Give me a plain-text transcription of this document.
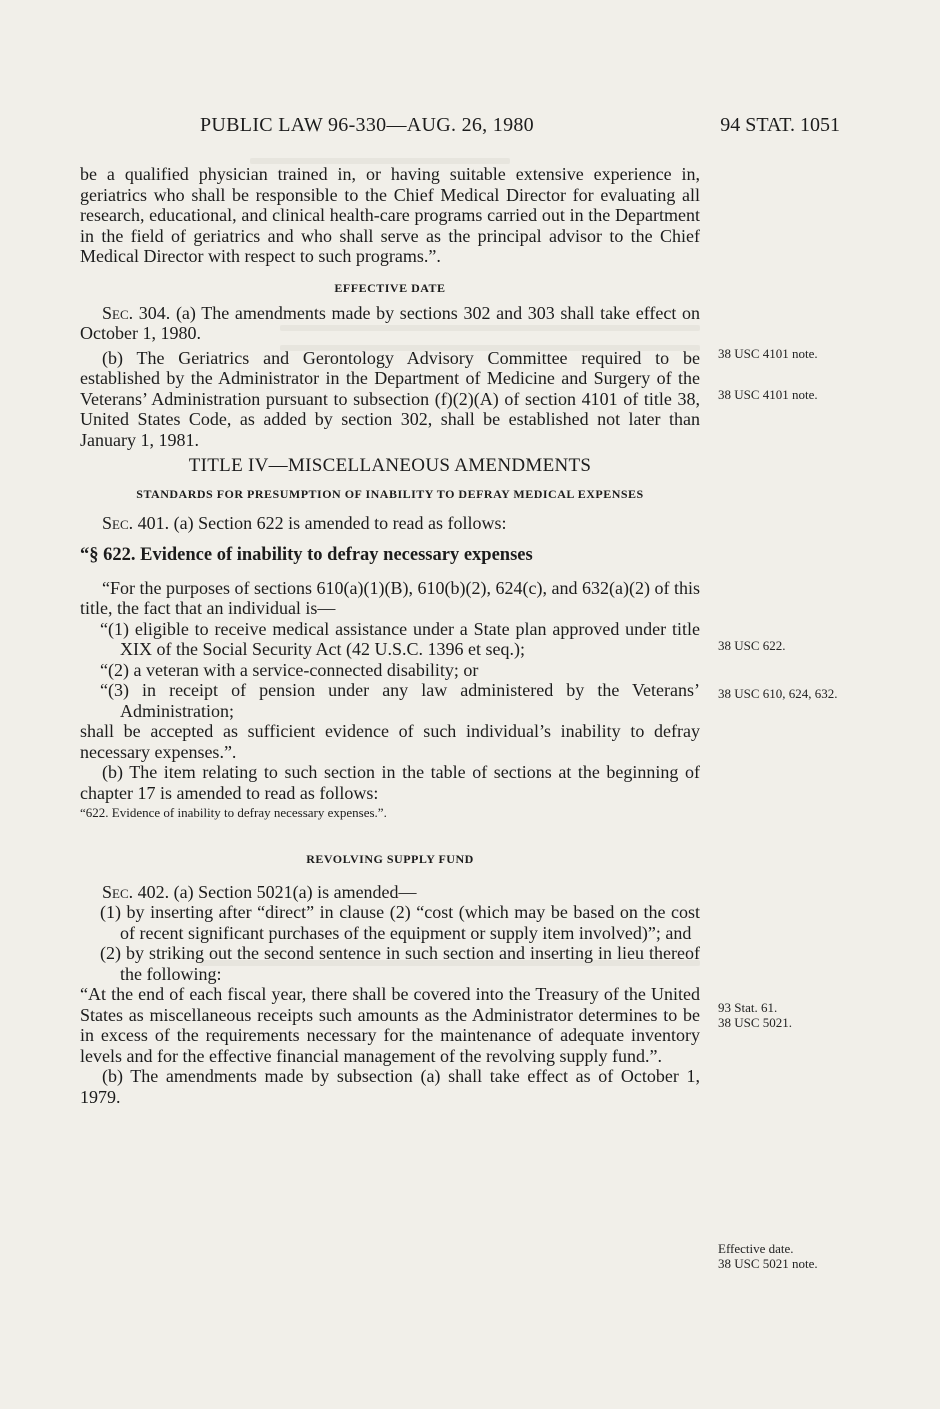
PUBLIC LAW 96-330—AUG. 26, 1980	94 STAT. 1051

be a qualified physician trained in, or having suitable extensive experience in, geriatrics who shall be responsible to the Chief Medical Director for evaluating all research, educational, and clinical health-care programs carried out in the Department in the field of geriatrics and who shall serve as the principal advisor to the Chief Medical Director with respect to such programs.”.

EFFECTIVE DATE

Sec. 304. (a) The amendments made by sections 302 and 303 shall take effect on October 1, 1980.

(b) The Geriatrics and Gerontology Advisory Committee required to be established by the Administrator in the Department of Medicine and Surgery of the Veterans’ Administration pursuant to subsection (f)(2)(A) of section 4101 of title 38, United States Code, as added by section 302, shall be established not later than January 1, 1981.

TITLE IV—MISCELLANEOUS AMENDMENTS
STANDARDS FOR PRESUMPTION OF INABILITY TO DEFRAY MEDICAL EXPENSES

Sec. 401. (a) Section 622 is amended to read as follows:

“§ 622. Evidence of inability to defray necessary expenses

“For the purposes of sections 610(a)(1)(B), 610(b)(2), 624(c), and 632(a)(2) of this title, the fact that an individual is—

“(1) eligible to receive medical assistance under a State plan approved under title XIX of the Social Security Act (42 U.S.C. 1396 et seq.);

“(2) a veteran with a service-connected disability; or

“(3) in receipt of pension under any law administered by the Veterans’ Administration;

shall be accepted as sufficient evidence of such individual’s inability to defray necessary expenses.”.

(b) The item relating to such section in the table of sections at the beginning of chapter 17 is amended to read as follows:

“622. Evidence of inability to defray necessary expenses.”.

REVOLVING SUPPLY FUND

Sec. 402. (a) Section 5021(a) is amended—

(1) by inserting after “direct” in clause (2) “cost (which may be based on the cost of recent significant purchases of the equipment or supply item involved)”; and

(2) by striking out the second sentence in such section and inserting in lieu thereof the following:

“At the end of each fiscal year, there shall be covered into the Treasury of the United States as miscellaneous receipts such amounts as the Administrator determines to be in excess of the requirements necessary for the maintenance of adequate inventory levels and for the effective financial management of the revolving supply fund.”.

(b) The amendments made by subsection (a) shall take effect as of October 1, 1979.

38 USC 4101 note.
38 USC 4101 note.
38 USC 622.
38 USC 610, 624, 632.
93 Stat. 61.
38 USC 5021.
Effective date.
38 USC 5021 note.
